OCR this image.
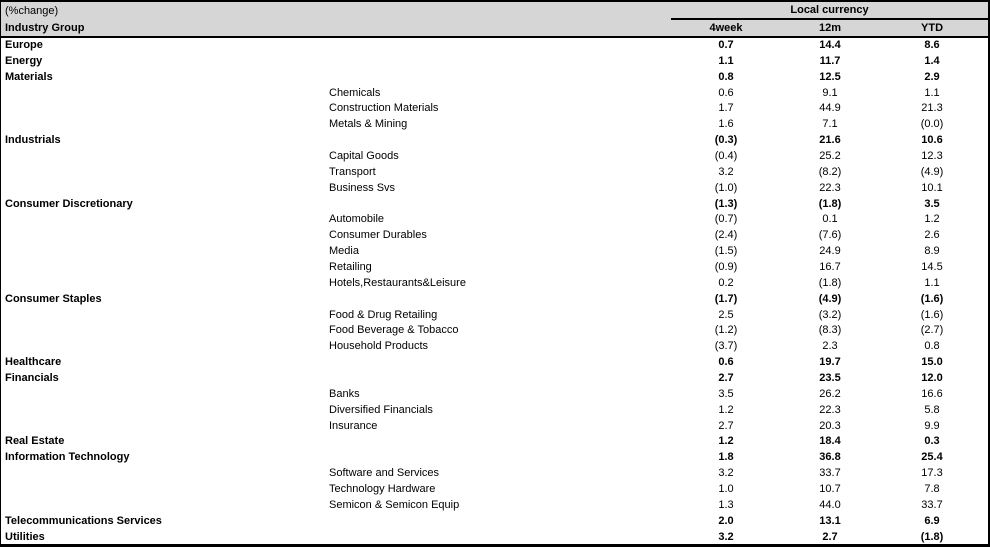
(%change)	Local currency		
Industry Group	4week	12m	YTD
Europe	0.7	14.4	8.6
Energy	1.1	11.7	1.4
Materials	0.8	12.5	2.9
Chemicals	0.6	9.1	1.1
Construction Materials	1.7	44.9	21.3
Metals & Mining	1.6	7.1	(0.0)
Industrials	(0.3)	21.6	10.6
Capital Goods	(0.4)	25.2	12.3
Transport	3.2	(8.2)	(4.9)
Business Svs	(1.0)	22.3	10.1
Consumer Discretionary	(1.3)	(1.8)	3.5
Automobile	(0.7)	0.1	1.2
Consumer Durables	(2.4)	(7.6)	2.6
Media	(1.5)	24.9	8.9
Retailing	(0.9)	16.7	14.5
Hotels,Restaurants&Leisure	0.2	(1.8)	1.1
Consumer Staples	(1.7)	(4.9)	(1.6)
Food & Drug Retailing	2.5	(3.2)	(1.6)
Food Beverage & Tobacco	(1.2)	(8.3)	(2.7)
Household Products	(3.7)	2.3	0.8
Healthcare	0.6	19.7	15.0
Financials	2.7	23.5	12.0
Banks	3.5	26.2	16.6
Diversified Financials	1.2	22.3	5.8
Insurance	2.7	20.3	9.9
Real Estate	1.2	18.4	0.3
Information Technology	1.8	36.8	25.4
Software and Services	3.2	33.7	17.3
Technology Hardware	1.0	10.7	7.8
Semicon & Semicon Equip	1.3	44.0	33.7
Telecommunications Services	2.0	13.1	6.9
Utilities	3.2	2.7	(1.8)
